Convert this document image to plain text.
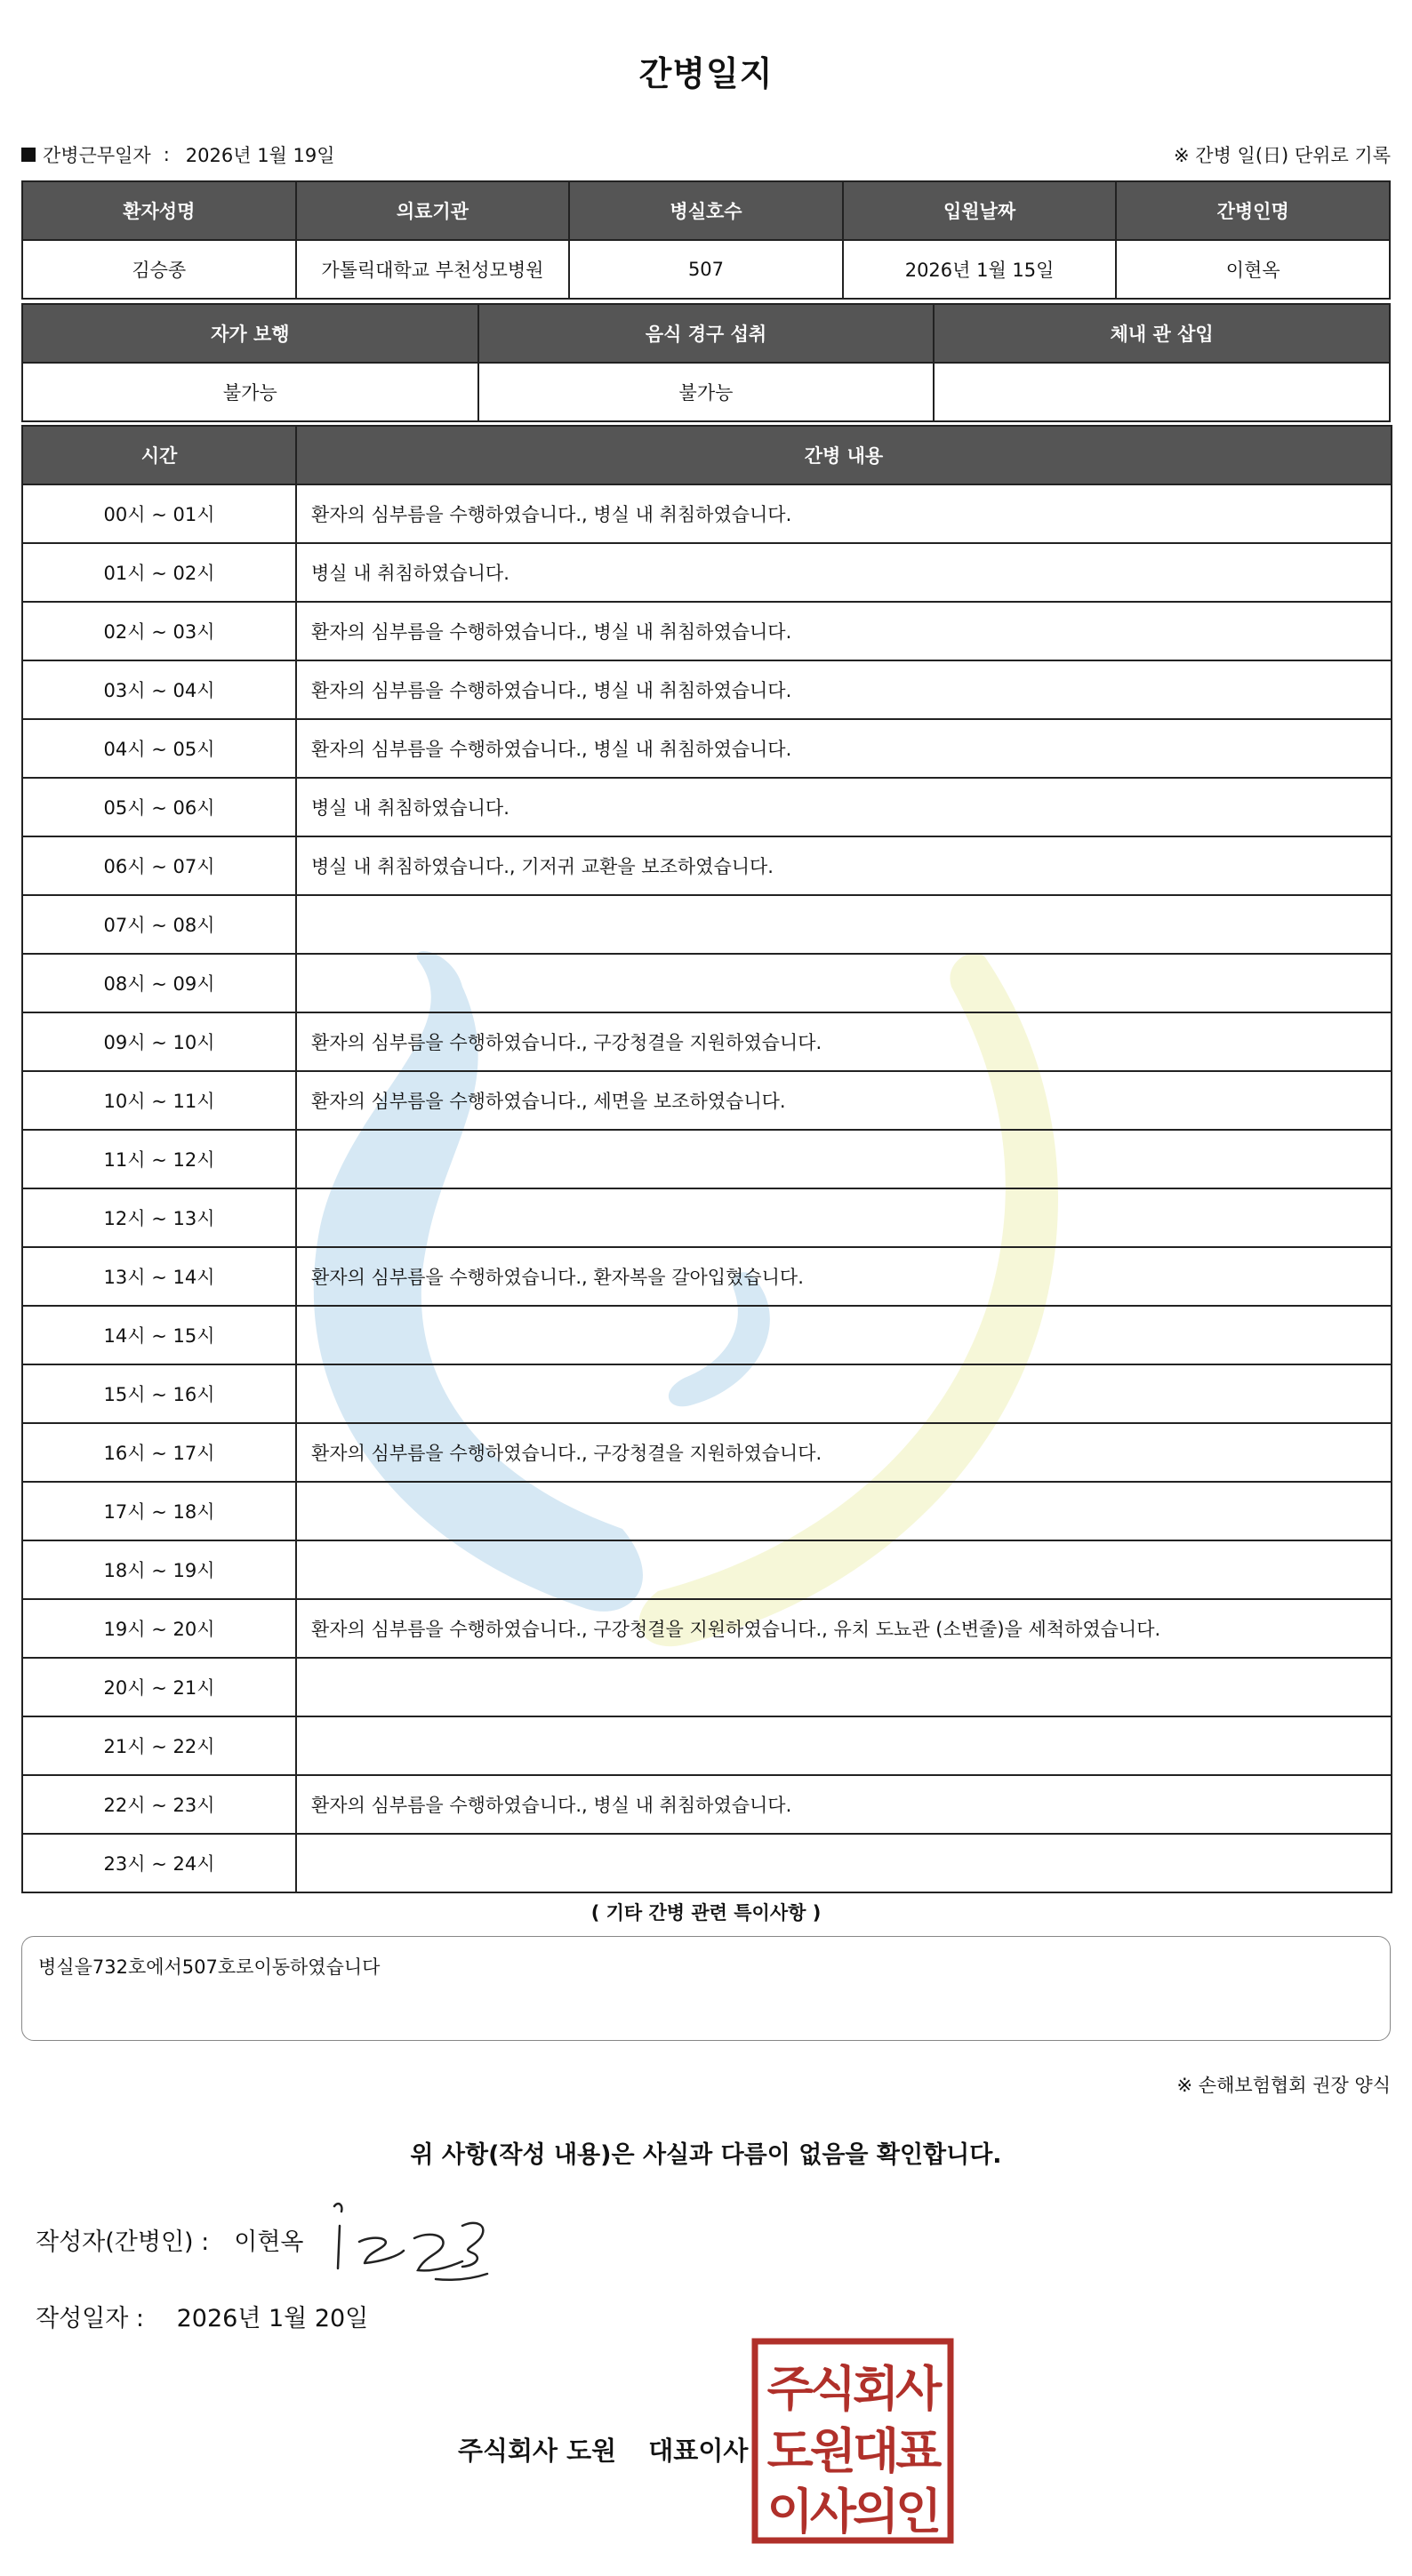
간병일지
간병근무일자 : 2026년 1월 19일	※ 간병 일(日) 단위로 기록
환자성명	의료기관	병실호수	입원날짜	간병인명
김승종	가톨릭대학교 부천성모병원	507	2026년 1월 15일	이현옥
자가 보행	음식 경구 섭취	체내 관 삽입
불가능	불가능	
시간	간병 내용
00시 ~ 01시	환자의 심부름을 수행하였습니다., 병실 내 취침하였습니다.
01시 ~ 02시	병실 내 취침하였습니다.
02시 ~ 03시	환자의 심부름을 수행하였습니다., 병실 내 취침하였습니다.
03시 ~ 04시	환자의 심부름을 수행하였습니다., 병실 내 취침하였습니다.
04시 ~ 05시	환자의 심부름을 수행하였습니다., 병실 내 취침하였습니다.
05시 ~ 06시	병실 내 취침하였습니다.
06시 ~ 07시	병실 내 취침하였습니다., 기저귀 교환을 보조하였습니다.
07시 ~ 08시	
08시 ~ 09시	
09시 ~ 10시	환자의 심부름을 수행하였습니다., 구강청결을 지원하였습니다.
10시 ~ 11시	환자의 심부름을 수행하였습니다., 세면을 보조하였습니다.
11시 ~ 12시	
12시 ~ 13시	
13시 ~ 14시	환자의 심부름을 수행하였습니다., 환자복을 갈아입혔습니다.
14시 ~ 15시	
15시 ~ 16시	
16시 ~ 17시	환자의 심부름을 수행하였습니다., 구강청결을 지원하였습니다.
17시 ~ 18시	
18시 ~ 19시	
19시 ~ 20시	환자의 심부름을 수행하였습니다., 구강청결을 지원하였습니다., 유치 도뇨관 (소변줄)을 세척하였습니다.
20시 ~ 21시	
21시 ~ 22시	
22시 ~ 23시	환자의 심부름을 수행하였습니다., 병실 내 취침하였습니다.
23시 ~ 24시	
( 기타 간병 관련 특이사항 )
병실을732호에서507호로이동하였습니다
※ 손해보험협회 권장 양식
위 사항(작성 내용)은 사실과 다름이 없음을 확인합니다.
작성자(간병인) : 이현옥
작성일자 : 2026년 1월 20일
주식회사 도원 대표이사
주식회사
도원대표
이사의인
